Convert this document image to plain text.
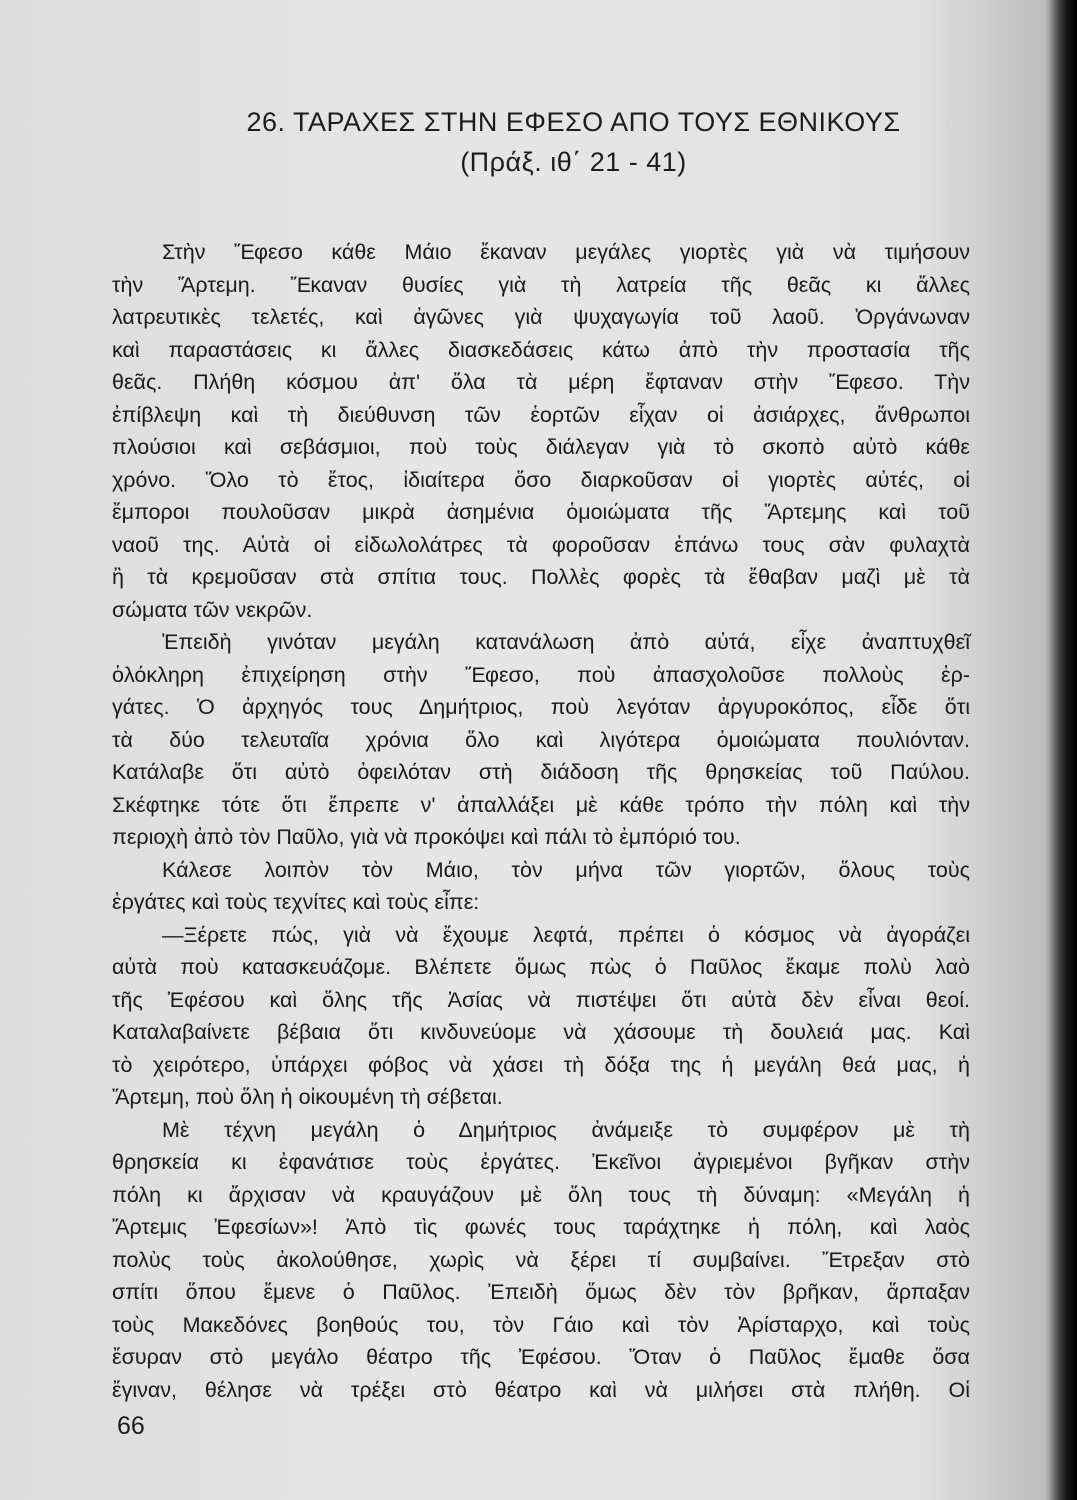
26. ΤΑΡΑΧΕΣ ΣΤΗΝ ΕΦΕΣΟ ΑΠΟ ΤΟΥΣ ΕΘΝΙΚΟΥΣ
(Πράξ. ιθ΄ 21 - 41)
Στὴν Ἔφεσο κάθε Μάιο ἔκαναν μεγάλες γιορτὲς γιὰ νὰ τιμήσουν
τὴν Ἄρτεμη. Ἔκαναν θυσίες γιὰ τὴ λατρεία τῆς θεᾶς κι ἄλλες
λατρευτικὲς τελετές, καὶ ἀγῶνες γιὰ ψυχαγωγία τοῦ λαοῦ. Ὀργάνωναν
καὶ παραστάσεις κι ἄλλες διασκεδάσεις κάτω ἀπὸ τὴν προστασία τῆς
θεᾶς. Πλήθη κόσμου ἀπ' ὅλα τὰ μέρη ἔφταναν στὴν Ἔφεσο. Τὴν
ἐπίβλεψη καὶ τὴ διεύθυνση τῶν ἑορτῶν εἶχαν οἱ ἀσιάρχες, ἄνθρωποι
πλούσιοι καὶ σεβάσμιοι, ποὺ τοὺς διάλεγαν γιὰ τὸ σκοπὸ αὐτὸ κάθε
χρόνο. Ὅλο τὸ ἔτος, ἰδιαίτερα ὅσο διαρκοῦσαν οἱ γιορτὲς αὐτές, οἱ
ἔμποροι πουλοῦσαν μικρὰ ἀσημένια ὁμοιώματα τῆς Ἄρτεμης καὶ τοῦ
ναοῦ της. Αὐτὰ οἱ εἰδωλολάτρες τὰ φοροῦσαν ἐπάνω τους σὰν φυλαχτὰ
ἢ τὰ κρεμοῦσαν στὰ σπίτια τους. Πολλὲς φορὲς τὰ ἔθαβαν μαζὶ μὲ τὰ
σώματα τῶν νεκρῶν.
Ἐπειδὴ γινόταν μεγάλη κατανάλωση ἀπὸ αὐτά, εἶχε ἀναπτυχθεῖ
ὁλόκληρη ἐπιχείρηση στὴν Ἔφεσο, ποὺ ἀπασχολοῦσε πολλοὺς ἐρ-
γάτες. Ὁ ἀρχηγός τους Δημήτριος, ποὺ λεγόταν ἀργυροκόπος, εἶδε ὅτι
τὰ δύο τελευταῖα χρόνια ὅλο καὶ λιγότερα ὁμοιώματα πουλιόνταν.
Κατάλαβε ὅτι αὐτὸ ὀφειλόταν στὴ διάδοση τῆς θρησκείας τοῦ Παύλου.
Σκέφτηκε τότε ὅτι ἔπρεπε ν' ἀπαλλάξει μὲ κάθε τρόπο τὴν πόλη καὶ τὴν
περιοχὴ ἀπὸ τὸν Παῦλο, γιὰ νὰ προκόψει καὶ πάλι τὸ ἐμπόριό του.
Κάλεσε λοιπὸν τὸν Μάιο, τὸν μήνα τῶν γιορτῶν, ὅλους τοὺς
ἐργάτες καὶ τοὺς τεχνίτες καὶ τοὺς εἶπε:
—Ξέρετε πώς, γιὰ νὰ ἔχουμε λεφτά, πρέπει ὁ κόσμος νὰ ἀγοράζει
αὐτὰ ποὺ κατασκευάζομε. Βλέπετε ὅμως πὼς ὁ Παῦλος ἔκαμε πολὺ λαὸ
τῆς Ἐφέσου καὶ ὅλης τῆς Ἀσίας νὰ πιστέψει ὅτι αὐτὰ δὲν εἶναι θεοί.
Καταλαβαίνετε βέβαια ὅτι κινδυνεύομε νὰ χάσουμε τὴ δουλειά μας. Καὶ
τὸ χειρότερο, ὑπάρχει φόβος νὰ χάσει τὴ δόξα της ἡ μεγάλη θεά μας, ἡ
Ἄρτεμη, ποὺ ὅλη ἡ οἰκουμένη τὴ σέβεται.
Μὲ τέχνη μεγάλη ὁ Δημήτριος ἀνάμειξε τὸ συμφέρον μὲ τὴ
θρησκεία κι ἐφανάτισε τοὺς ἐργάτες. Ἐκεῖνοι ἀγριεμένοι βγῆκαν στὴν
πόλη κι ἄρχισαν νὰ κραυγάζουν μὲ ὅλη τους τὴ δύναμη: «Μεγάλη ἡ
Ἄρτεμις Ἐφεσίων»! Ἀπὸ τὶς φωνές τους ταράχτηκε ἡ πόλη, καὶ λαὸς
πολὺς τοὺς ἀκολούθησε, χωρὶς νὰ ξέρει τί συμβαίνει. Ἔτρεξαν στὸ
σπίτι ὅπου ἔμενε ὁ Παῦλος. Ἐπειδὴ ὅμως δὲν τὸν βρῆκαν, ἅρπαξαν
τοὺς Μακεδόνες βοηθούς του, τὸν Γάιο καὶ τὸν Ἀρίσταρχο, καὶ τοὺς
ἔσυραν στὸ μεγάλο θέατρο τῆς Ἐφέσου. Ὅταν ὁ Παῦλος ἔμαθε ὅσα
ἔγιναν, θέλησε νὰ τρέξει στὸ θέατρο καὶ νὰ μιλήσει στὰ πλήθη. Οἱ
66
